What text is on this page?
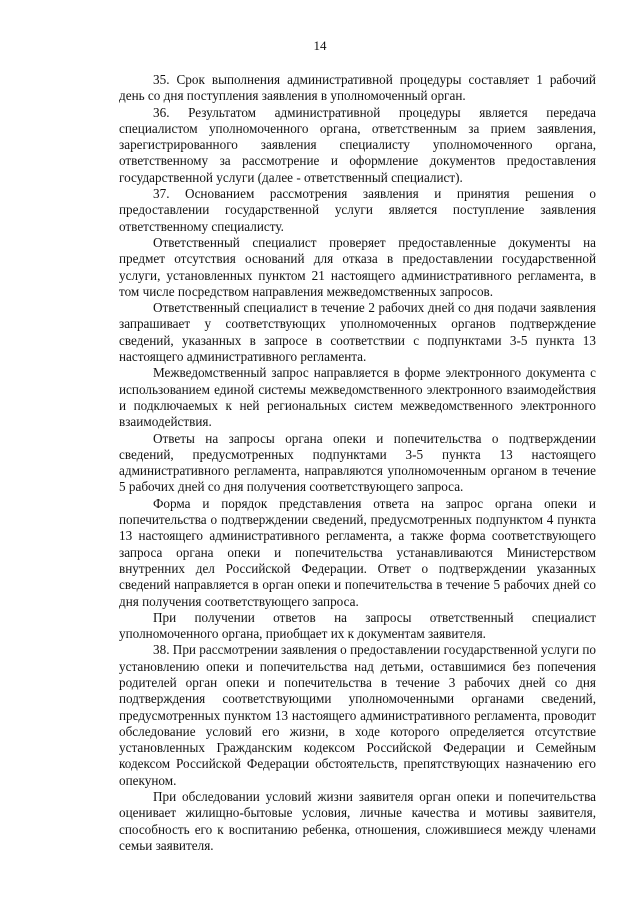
14

35. Срок выполнения административной процедуры составляет 1 рабочий день со дня поступления заявления в уполномоченный орган.

36. Результатом административной процедуры является передача специалистом уполномоченного органа, ответственным за прием заявления, зарегистрированного заявления специалисту уполномоченного органа, ответственному за рассмотрение и оформление документов предоставления государственной услуги (далее - ответственный специалист).

37. Основанием рассмотрения заявления и принятия решения о предоставлении государственной услуги является поступление заявления ответственному специалисту.

Ответственный специалист проверяет предоставленные документы на предмет отсутствия оснований для отказа в предоставлении государственной услуги, установленных пунктом 21 настоящего административного регламента, в том числе посредством направления межведомственных запросов.

Ответственный специалист в течение 2 рабочих дней со дня подачи заявления запрашивает у соответствующих уполномоченных органов подтверждение сведений, указанных в запросе в соответствии с подпунктами 3-5 пункта 13 настоящего административного регламента.

Межведомственный запрос направляется в форме электронного документа с использованием единой системы межведомственного электронного взаимодействия и подключаемых к ней региональных систем межведомственного электронного взаимодействия.

Ответы на запросы органа опеки и попечительства о подтверждении сведений, предусмотренных подпунктами 3-5 пункта 13 настоящего административного регламента, направляются уполномоченным органом в течение 5 рабочих дней со дня получения соответствующего запроса.

Форма и порядок представления ответа на запрос органа опеки и попечительства о подтверждении сведений, предусмотренных подпунктом 4 пункта 13 настоящего административного регламента, а также форма соответствующего запроса органа опеки и попечительства устанавливаются Министерством внутренних дел Российской Федерации. Ответ о подтверждении указанных сведений направляется в орган опеки и попечительства в течение 5 рабочих дней со дня получения соответствующего запроса.

При получении ответов на запросы ответственный специалист уполномоченного органа, приобщает их к документам заявителя.

38. При рассмотрении заявления о предоставлении государственной услуги по установлению опеки и попечительства над детьми, оставшимися без попечения родителей орган опеки и попечительства в течение 3 рабочих дней со дня подтверждения соответствующими уполномоченными органами сведений, предусмотренных пунктом 13 настоящего административного регламента, проводит обследование условий его жизни, в ходе которого определяется отсутствие установленных Гражданским кодексом Российской Федерации и Семейным кодексом Российской Федерации обстоятельств, препятствующих назначению его опекуном.

При обследовании условий жизни заявителя орган опеки и попечительства оценивает жилищно-бытовые условия, личные качества и мотивы заявителя, способность его к воспитанию ребенка, отношения, сложившиеся между членами семьи заявителя.
